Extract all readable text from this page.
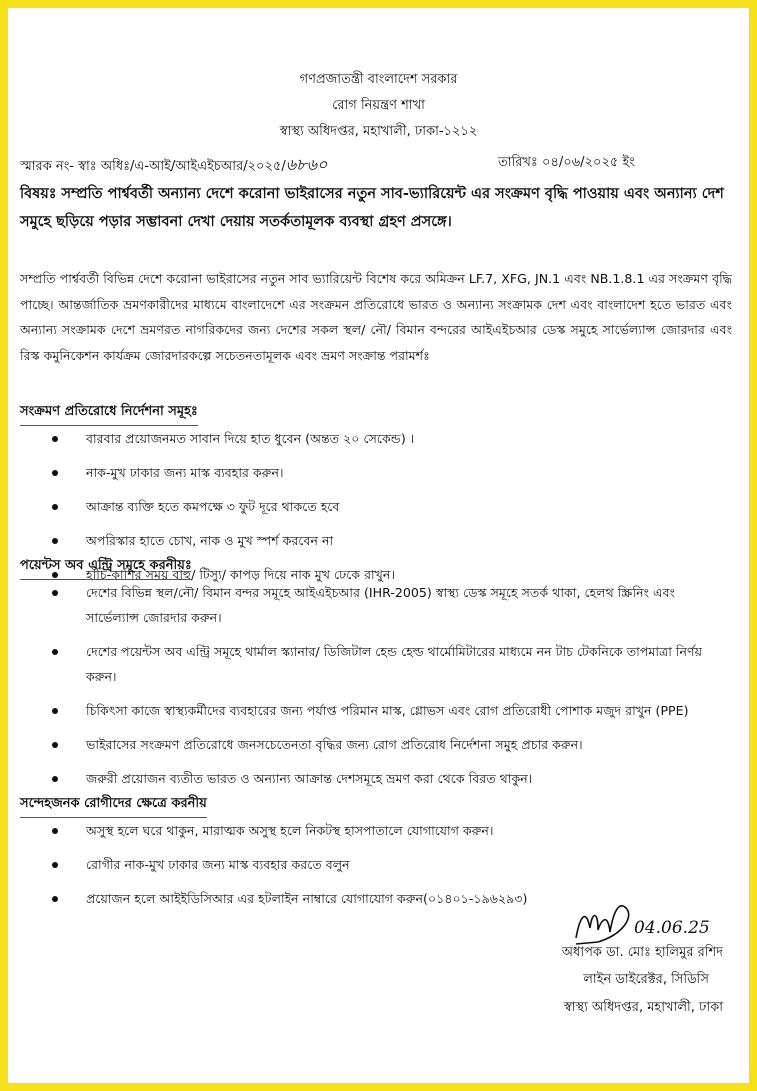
গণপ্রজাতন্ত্রী বাংলাদেশ সরকার
রোগ নিয়ন্ত্রণ শাখা
স্বাস্থ্য অধিদপ্তর, মহাখালী, ঢাকা-১২১২
স্মারক নং- স্বাঃ অধিঃ/এ-আই/আইএইচআর/২০২৫/৬৮৬০	তারিখঃ ০৪/০৬/২০২৫ ইং
বিষয়ঃ সম্প্রতি পার্শ্ববর্তী অন্যান্য দেশে করোনা ভাইরাসের নতুন সাব-ভ্যারিয়েন্ট এর সংক্রমণ বৃদ্ধি পাওয়ায় এবং অন্যান্য দেশ সমুহে ছড়িয়ে পড়ার সম্ভাবনা দেখা দেয়ায় সতর্কতামূলক ব্যবস্থা গ্রহণ প্রসঙ্গে।
সম্প্রতি পার্শ্ববর্তী বিভিন্ন দেশে করোনা ভাইরাসের নতুন সাব ভ্যারিয়েন্ট বিশেষ করে অমিক্রন LF.7, XFG, JN.1 এবং NB.1.8.1 এর সংক্রমণ বৃদ্ধি পাচ্ছে। আন্তর্জাতিক ভ্রমণকারীদের মাধ্যমে বাংলাদেশে এর সংক্রমন প্রতিরোধে ভারত ও অন্যান্য সংক্রামক দেশ এবং বাংলাদেশ হতে ভারত এবং অন্যান্য সংক্রামক দেশে ভ্রমণরত নাগরিকদের জন্য দেশের সকল স্থল/ নৌ/ বিমান বন্দরের আইএইচআর ডেস্ক সমুহে সার্ভেল্যান্স জোরদার এবং রিস্ক কমুনিকেশন কার্যক্রম জোরদারকল্পে সচেতনতামূলক এবং ভ্রমণ সংক্রান্ত পরামর্শঃ
সংক্রমণ প্রতিরোধে নির্দেশনা সমূহঃ
বারবার প্রয়োজনমত সাবান দিয়ে হাত ধুবেন (অন্তত ২০ সেকেন্ড) ।
নাক-মুখ ঢাকার জন্য মাস্ক ব্যবহার করুন।
আক্রান্ত ব্যক্তি হতে কমপক্ষে ৩ ফুট দূরে থাকতে হবে
অপরিস্কার হাতে চোখ, নাক ও মুখ স্পর্শ করবেন না
হাঁচি-কাশির সময় বাহু/ টিস্যু/ কাপড় দিয়ে নাক মুখ ঢেকে রাখুন।
পয়েন্টস অব এন্ট্রি সমূহে করনীয়ঃ
দেশের বিভিন্ন স্থল/নৌ/ বিমান বন্দর সমূহে আইএইচআর (IHR-2005) স্বাস্থ্য ডেস্ক সমূহে সতর্ক থাকা, হেলথ স্ক্রিনিং এবং সার্ভেল্যান্স জোরদার করুন।
দেশের পয়েন্টস অব এন্ট্রি সমূহে থার্মাল স্ক্যানার/ ডিজিটাল হেন্ড হেল্ড থার্মোমিটারের মাধ্যমে নন টাচ টেকনিকে তাপমাত্রা নির্ণয় করুন।
চিকিৎসা কাজে স্বাস্থ্যকর্মীদের ব্যবহারের জন্য পর্যাপ্ত পরিমান মাস্ক, গ্লোভস এবং রোগ প্রতিরোধী পোশাক মজুদ রাখুন (PPE)
ভাইরাসের সংক্রমণ প্রতিরোধে জনসচেতেনতা বৃদ্ধির জন্য রোগ প্রতিরোধ নির্দেশনা সমুহ প্রচার করুন।
জরুরী প্রয়োজন ব্যতীত ভারত ও অন্যান্য আক্রান্ত দেশসমূহে ভ্রমণ করা থেকে বিরত থাকুন।
সন্দেহজনক রোগীদের ক্ষেত্রে করনীয়
অসুস্থ হলে ঘরে থাকুন, মারাত্মক অসুস্থ হলে নিকটস্থ হাসপাতালে যোগাযোগ করুন।
রোগীর নাক-মুখ ঢাকার জন্য মাস্ক ব্যবহার করতে বলুন
প্রয়োজন হলে আইইডিসিআর এর হটলাইন নাম্বারে যোগাযোগ করুন(০১৪০১-১৯৬২৯৩)
04.06.25
অধাপক ডা. মোঃ হালিমুর রশিদ
লাইন ডাইরেক্টর, সিডিসি
স্বাস্থ্য অধিদপ্তর, মহাখালী, ঢাকা
